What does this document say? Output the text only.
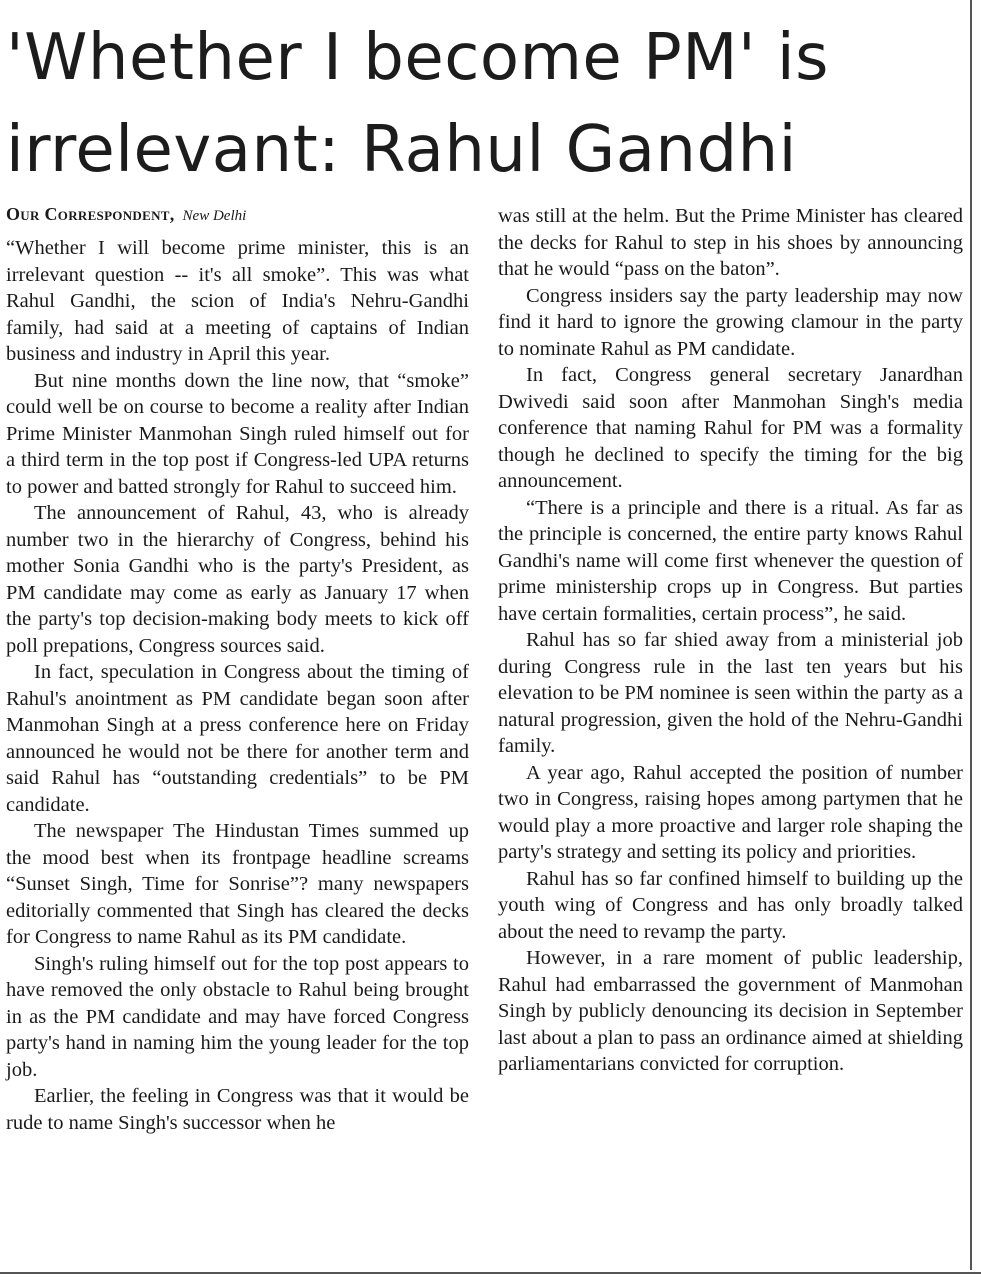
'Whether I become PM' is irrelevant: Rahul Gandhi
Our Correspondent, New Delhi

“Whether I will become prime minister, this is an irrelevant question -- it's all smoke”. This was what Rahul Gandhi, the scion of India's Nehru-Gandhi family, had said at a meeting of captains of Indian business and industry in April this year.

But nine months down the line now, that “smoke” could well be on course to become a reality after Indian Prime Minister Manmohan Singh ruled himself out for a third term in the top post if Congress-led UPA returns to power and batted strongly for Rahul to succeed him.

The announcement of Rahul, 43, who is already number two in the hierarchy of Congress, behind his mother Sonia Gandhi who is the party's President, as PM candidate may come as early as January 17 when the party's top decision-making body meets to kick off poll prepations, Congress sources said.

In fact, speculation in Congress about the timing of Rahul's anointment as PM candidate began soon after Manmohan Singh at a press conference here on Friday announced he would not be there for another term and said Rahul has “outstanding credentials” to be PM candidate.

The newspaper The Hindustan Times summed up the mood best when its frontpage headline screams “Sunset Singh, Time for Sonrise”? many newspapers editorially commented that Singh has cleared the decks for Congress to name Rahul as its PM candidate.

Singh's ruling himself out for the top post appears to have removed the only obstacle to Rahul being brought in as the PM candidate and may have forced Congress party's hand in naming him the young leader for the top job.

Earlier, the feeling in Congress was that it would be rude to name Singh's successor when he

was still at the helm. But the Prime Minister has cleared the decks for Rahul to step in his shoes by announcing that he would “pass on the baton”.

Congress insiders say the party leadership may now find it hard to ignore the growing clamour in the party to nominate Rahul as PM candidate.

In fact, Congress general secretary Janardhan Dwivedi said soon after Manmohan Singh's media conference that naming Rahul for PM was a formality though he declined to specify the timing for the big announcement.

“There is a principle and there is a ritual. As far as the principle is concerned, the entire party knows Rahul Gandhi's name will come first whenever the question of prime ministership crops up in Congress. But parties have certain formalities, certain process”, he said.

Rahul has so far shied away from a ministerial job during Congress rule in the last ten years but his elevation to be PM nominee is seen within the party as a natural progression, given the hold of the Nehru-Gandhi family.

A year ago, Rahul accepted the position of number two in Congress, raising hopes among partymen that he would play a more proactive and larger role shaping the party's strategy and setting its policy and priorities.

Rahul has so far confined himself to building up the youth wing of Congress and has only broadly talked about the need to revamp the party.

However, in a rare moment of public leadership, Rahul had embarrassed the government of Manmohan Singh by publicly denouncing its decision in September last about a plan to pass an ordinance aimed at shielding parliamentarians convicted for corruption.
